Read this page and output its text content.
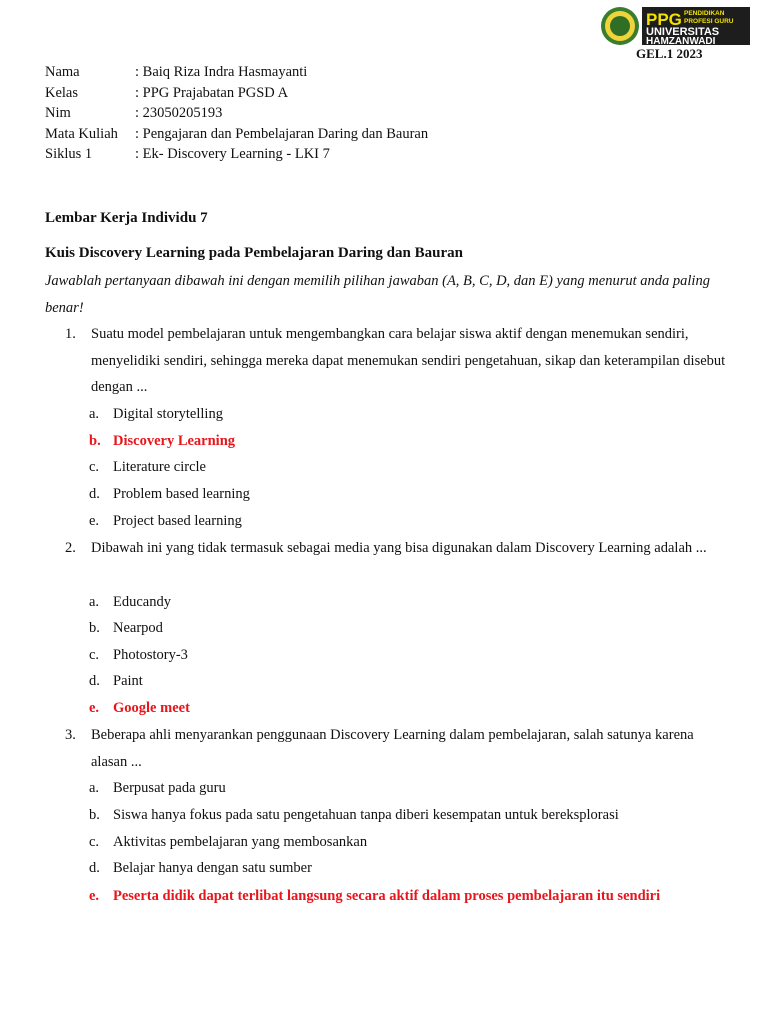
PPG PENDIDIKAN
PROFESI GURU
UNIVERSITAS
HAMZANWADI
GEL.1 2023
Nama	: Baiq Riza Indra Hasmayanti
Kelas	: PPG Prajabatan PGSD A
Nim	: 23050205193
Mata Kuliah	: Pengajaran dan Pembelajaran Daring dan Bauran
Siklus 1	: Ek- Discovery Learning - LKI 7
Lembar Kerja Individu 7
Kuis Discovery Learning pada Pembelajaran Daring dan Bauran
Jawablah pertanyaan dibawah ini dengan memilih pilihan jawaban (A, B, C, D, dan E) yang menurut anda paling benar!
1. Suatu model pembelajaran untuk mengembangkan cara belajar siswa aktif dengan menemukan sendiri, menyelidiki sendiri, sehingga mereka dapat menemukan sendiri pengetahuan, sikap dan keterampilan disebut dengan ...
a. Digital storytelling
b. Discovery Learning
c. Literature circle
d. Problem based learning
e. Project based learning
2. Dibawah ini yang tidak termasuk sebagai media yang bisa digunakan dalam Discovery Learning adalah ...
a. Educandy
b. Nearpod
c. Photostory-3
d. Paint
e. Google meet
3. Beberapa ahli menyarankan penggunaan Discovery Learning dalam pembelajaran, salah satunya karena alasan ...
a. Berpusat pada guru
b. Siswa hanya fokus pada satu pengetahuan tanpa diberi kesempatan untuk bereksplorasi
c. Aktivitas pembelajaran yang membosankan
d. Belajar hanya dengan satu sumber
e. Peserta didik dapat terlibat langsung secara aktif dalam proses pembelajaran itu sendiri
